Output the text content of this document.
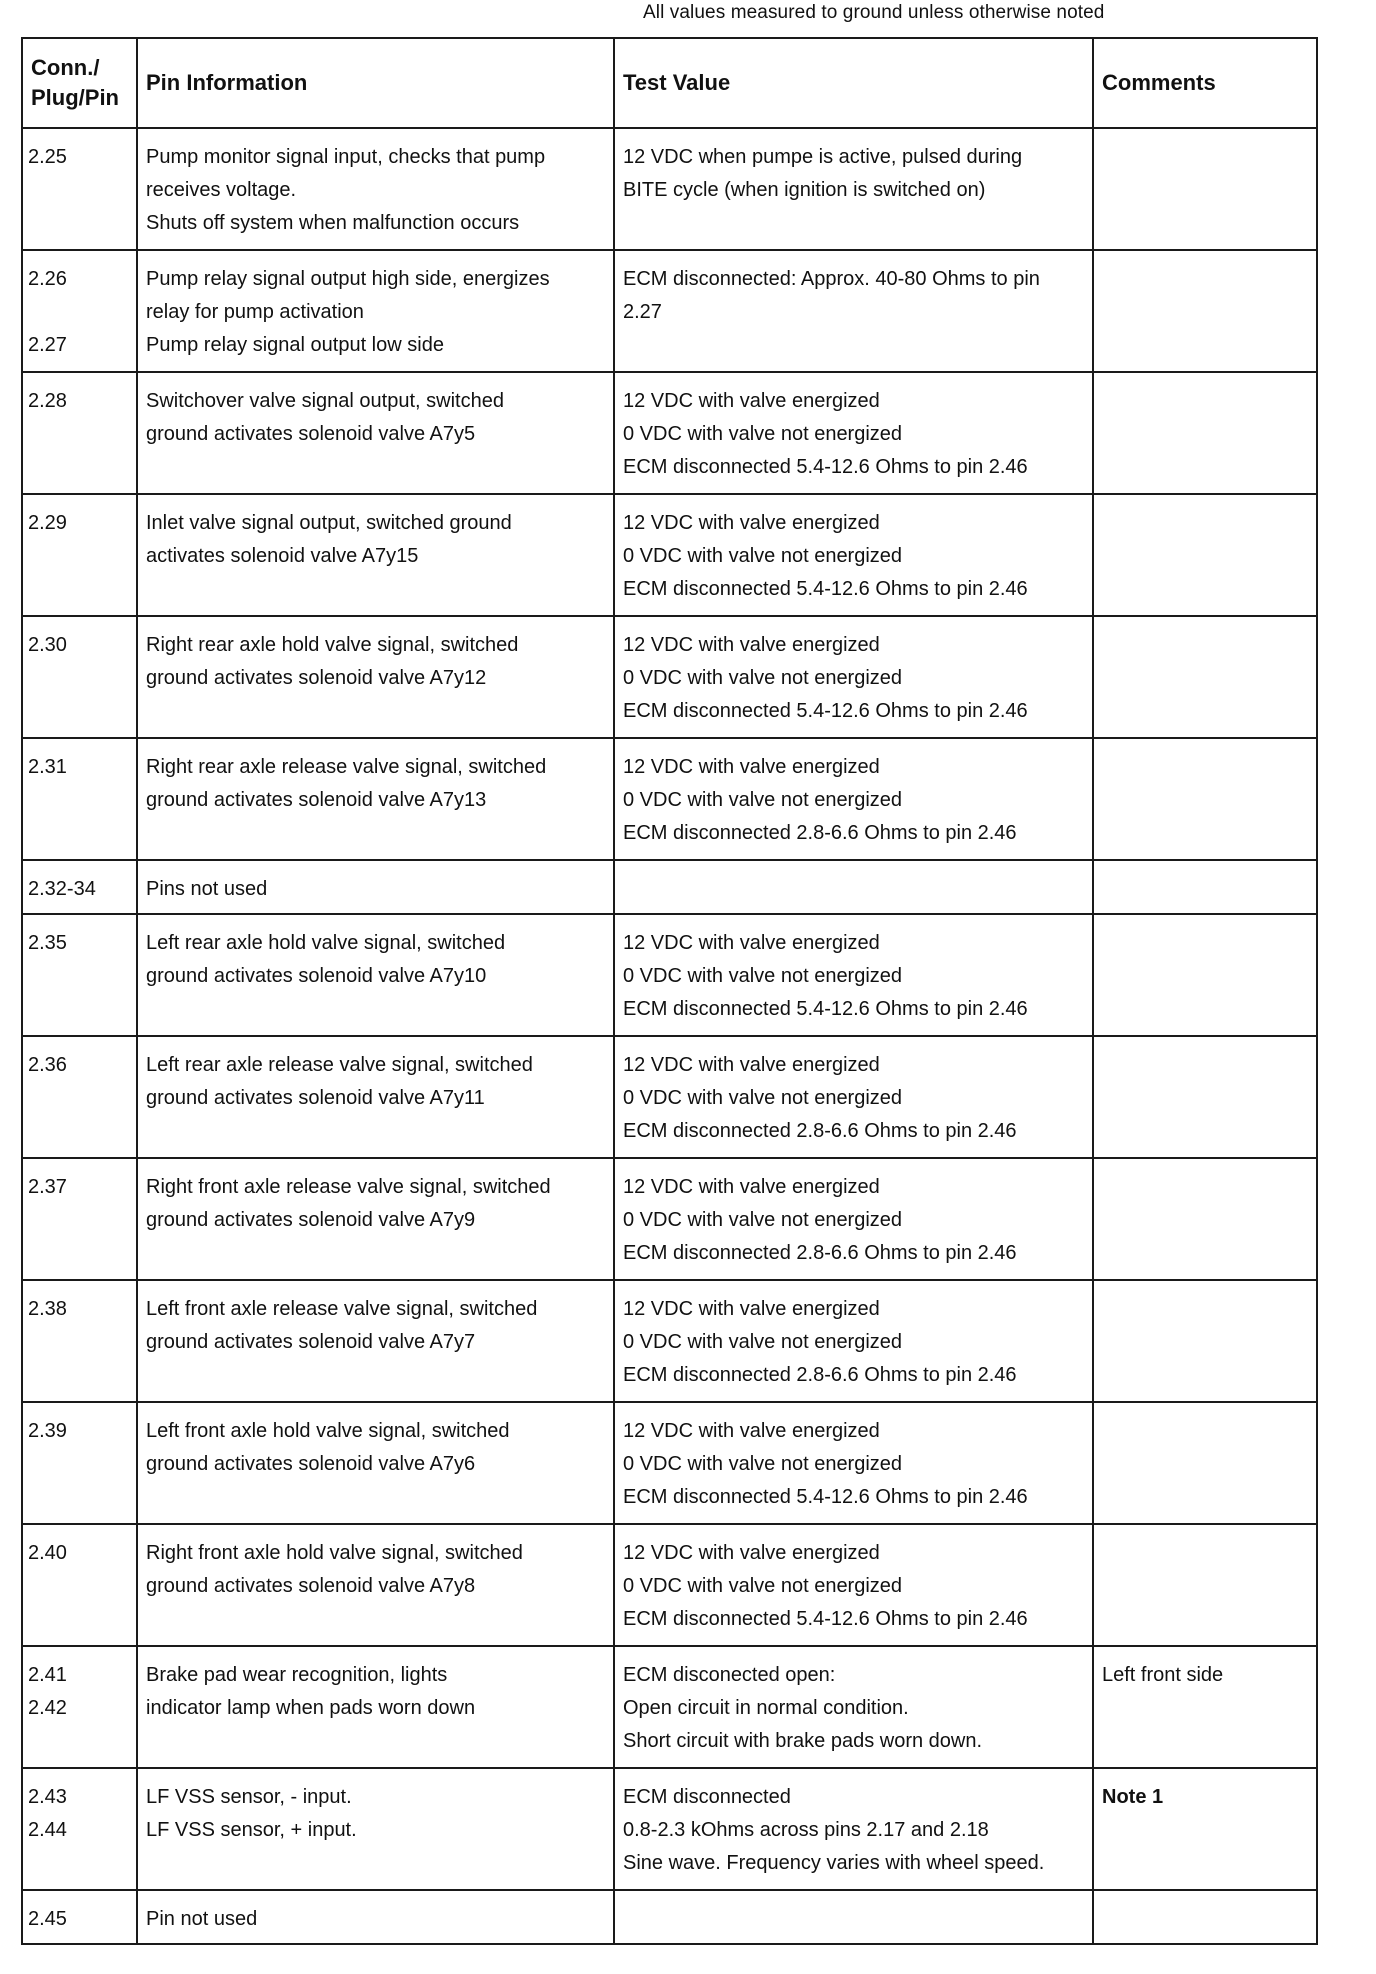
All values measured to ground unless otherwise noted
Conn./
Plug/Pin	Pin Information	Test Value	Comments

2.25	Pump monitor signal input, checks that pump
receives voltage.
Shuts off system when malfunction occurs	12 VDC when pumpe is active, pulsed during
BITE cycle (when ignition is switched on)	

2.26
2.27	Pump relay signal output high side, energizes
relay for pump activation
Pump relay signal output low side	ECM disconnected: Approx. 40-80 Ohms to pin
2.27	

2.28	Switchover valve signal output, switched
ground activates solenoid valve A7y5	12 VDC with valve energized
0 VDC with valve not energized
ECM disconnected 5.4-12.6 Ohms to pin 2.46	

2.29	Inlet valve signal output, switched ground
activates solenoid valve A7y15	12 VDC with valve energized
0 VDC with valve not energized
ECM disconnected 5.4-12.6 Ohms to pin 2.46	

2.30	Right rear axle hold valve signal, switched
ground activates solenoid valve A7y12	12 VDC with valve energized
0 VDC with valve not energized
ECM disconnected 5.4-12.6 Ohms to pin 2.46	

2.31	Right rear axle release valve signal, switched
ground activates solenoid valve A7y13	12 VDC with valve energized
0 VDC with valve not energized
ECM disconnected 2.8-6.6 Ohms to pin 2.46	

2.32-34	Pins not used		

2.35	Left rear axle hold valve signal, switched
ground activates solenoid valve A7y10	12 VDC with valve energized
0 VDC with valve not energized
ECM disconnected 5.4-12.6 Ohms to pin 2.46	

2.36	Left rear axle release valve signal, switched
ground activates solenoid valve A7y11	12 VDC with valve energized
0 VDC with valve not energized
ECM disconnected 2.8-6.6 Ohms to pin 2.46	

2.37	Right front axle release valve signal, switched
ground activates solenoid valve A7y9	12 VDC with valve energized
0 VDC with valve not energized
ECM disconnected 2.8-6.6 Ohms to pin 2.46	

2.38	Left front axle release valve signal, switched
ground activates solenoid valve A7y7	12 VDC with valve energized
0 VDC with valve not energized
ECM disconnected 2.8-6.6 Ohms to pin 2.46	

2.39	Left front axle hold valve signal, switched
ground activates solenoid valve A7y6	12 VDC with valve energized
0 VDC with valve not energized
ECM disconnected 5.4-12.6 Ohms to pin 2.46	

2.40	Right front axle hold valve signal, switched
ground activates solenoid valve A7y8	12 VDC with valve energized
0 VDC with valve not energized
ECM disconnected 5.4-12.6 Ohms to pin 2.46	

2.41
2.42	Brake pad wear recognition, lights
indicator lamp when pads worn down	ECM disconected open:
Open circuit in normal condition.
Short circuit with brake pads worn down.	Left front side

2.43
2.44	LF VSS sensor, - input.
LF VSS sensor, + input.	ECM disconnected
0.8-2.3 kOhms across pins 2.17 and 2.18
Sine wave. Frequency varies with wheel speed.	Note 1

2.45	Pin not used		
